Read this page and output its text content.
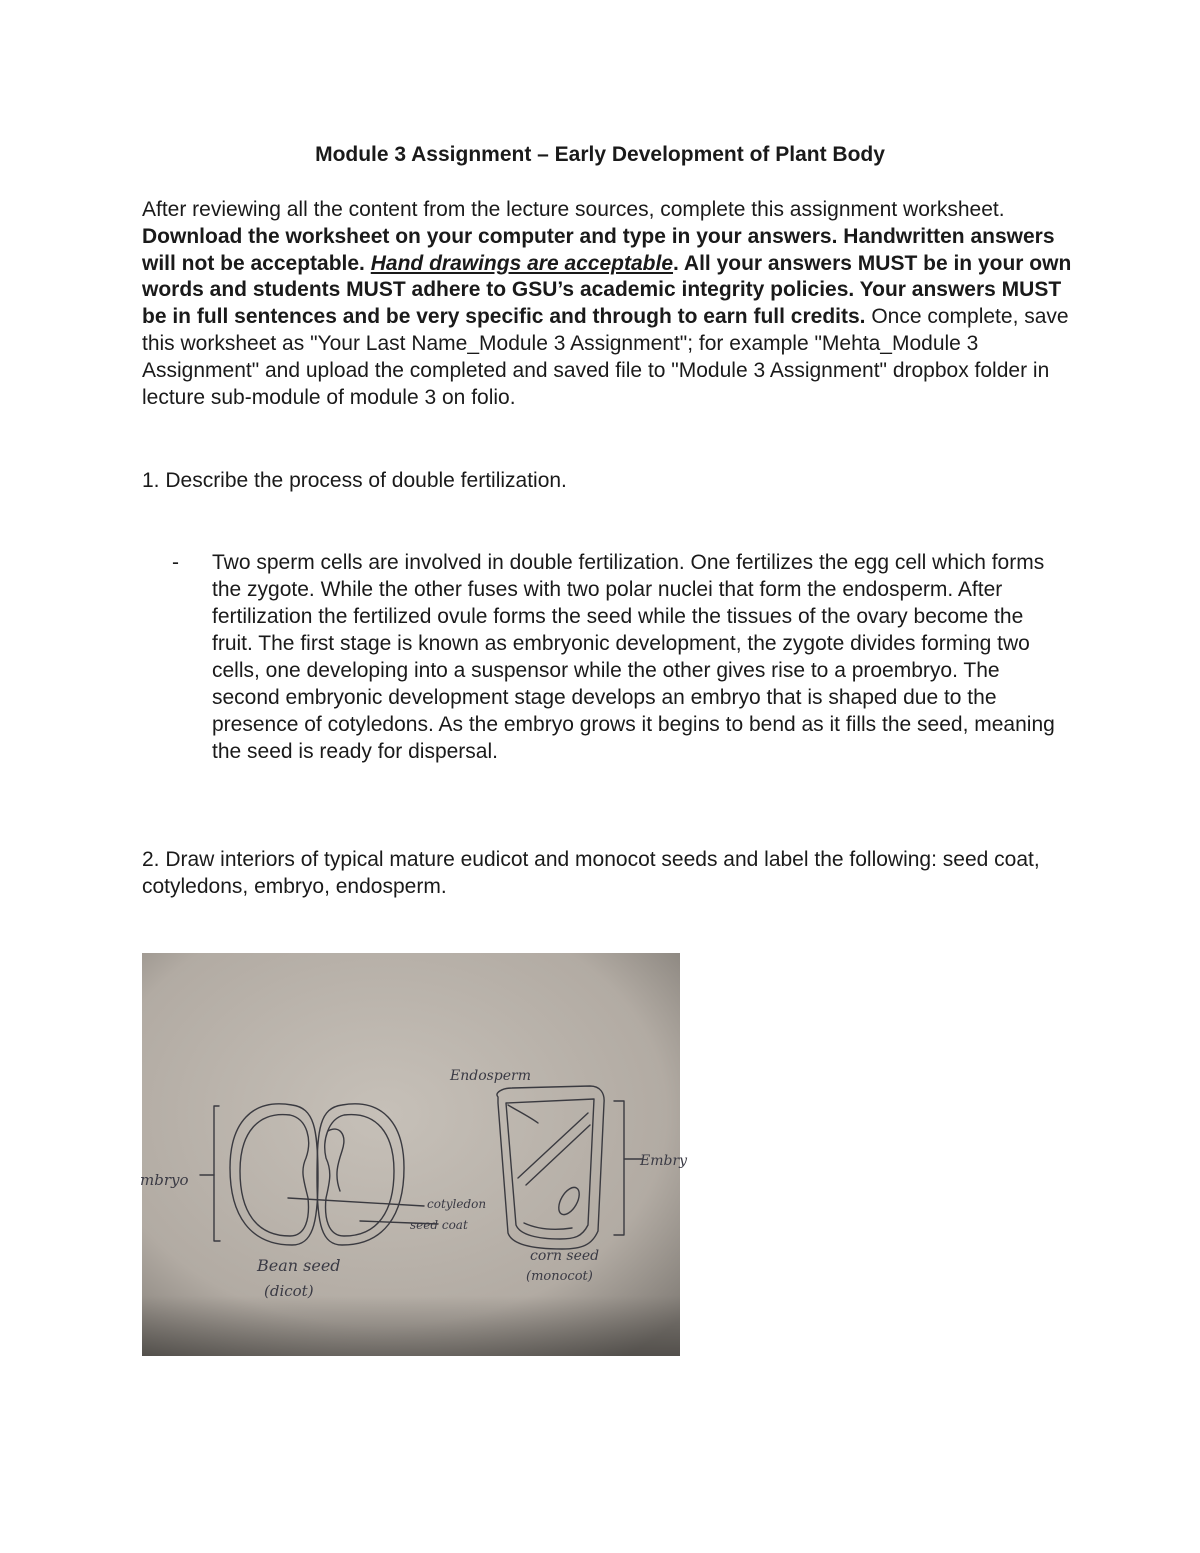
Module 3 Assignment – Early Development of Plant Body
After reviewing all the content from the lecture sources, complete this assignment worksheet. Download the worksheet on your computer and type in your answers. Handwritten answers will not be acceptable. Hand drawings are acceptable. All your answers MUST be in your own words and students MUST adhere to GSU’s academic integrity policies. Your answers MUST be in full sentences and be very specific and through to earn full credits. Once complete, save this worksheet as "Your Last Name_Module 3 Assignment"; for example "Mehta_Module 3 Assignment" and upload the completed and saved file to "Module 3 Assignment" dropbox folder in lecture sub-module of module 3 on folio.
1. Describe the process of double fertilization.
-	Two sperm cells are involved in double fertilization. One fertilizes the egg cell which forms the zygote. While the other fuses with two polar nuclei that form the endosperm. After fertilization the fertilized ovule forms the seed while the tissues of the ovary become the fruit. The first stage is known as embryonic development, the zygote divides forming two cells, one developing into a suspensor while the other gives rise to a proembryo. The second embryonic development stage develops an embryo that is shaped due to the presence of cotyledons. As the embryo grows it begins to bend as it fills the seed, meaning the seed is ready for dispersal.
2. Draw interiors of typical mature eudicot and monocot seeds and label the following: seed coat, cotyledons, embryo, endosperm.
mbryo
Endosperm
Embry
cotyledon
seed coat
Bean seed
(dicot)
corn seed
(monocot)
